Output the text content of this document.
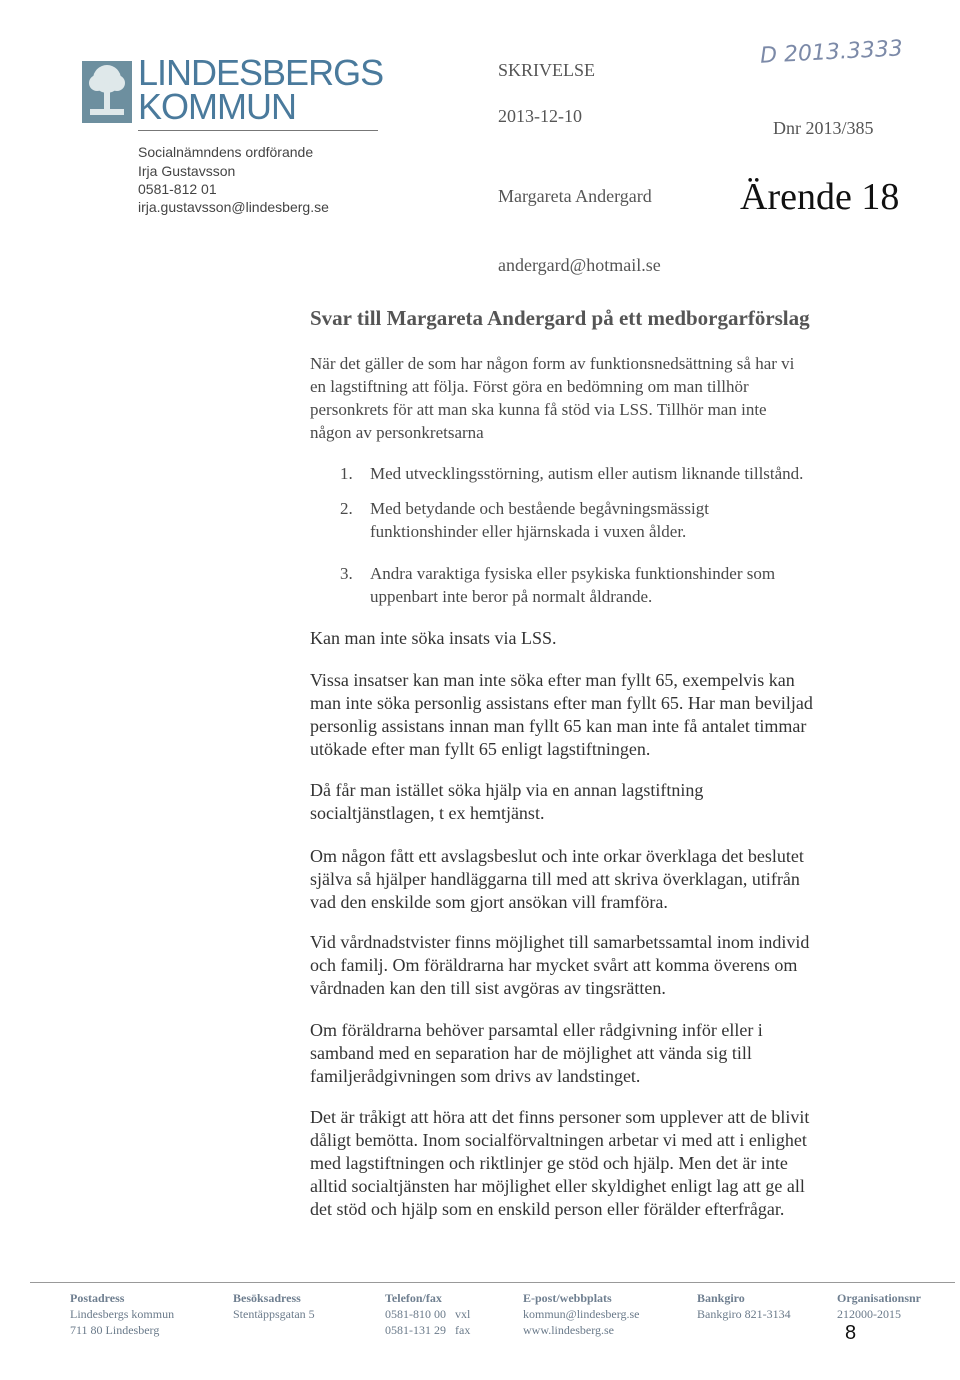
LINDESBERGS
KOMMUN
Socialnämndens ordförande
Irja Gustavsson
0581-812 01
irja.gustavsson@lindesberg.se
SKRIVELSE
2013-12-10
Margareta Andergard
andergard@hotmail.se
D 2013.3333
Dnr 2013/385
Ärende 18
Svar till Margareta Andergard på ett medborgarförslag
När det gäller de som har någon form av funktionsnedsättning så har vi
en lagstiftning att följa. Först göra en bedömning om man tillhör
personkrets för att man ska kunna få stöd via LSS. Tillhör man inte
någon av personkretsarna
1. Med utvecklingsstörning, autism eller autism liknande tillstånd.
2. Med betydande och bestående begåvningsmässigt
funktionshinder eller hjärnskada i vuxen ålder.
3. Andra varaktiga fysiska eller psykiska funktionshinder som
uppenbart inte beror på normalt åldrande.
Kan man inte söka insats via LSS.
Vissa insatser kan man inte söka efter man fyllt 65, exempelvis kan
man inte söka personlig assistans efter man fyllt 65. Har man beviljad
personlig assistans innan man fyllt 65 kan man inte få antalet timmar
utökade efter man fyllt 65 enligt lagstiftningen.
Då får man istället söka hjälp via en annan lagstiftning
socialtjänstlagen, t ex hemtjänst.
Om någon fått ett avslagsbeslut och inte orkar överklaga det beslutet
själva så hjälper handläggarna till med att skriva överklagan, utifrån
vad den enskilde som gjort ansökan vill framföra.
Vid vårdnadstvister finns möjlighet till samarbetssamtal inom individ
och familj. Om föräldrarna har mycket svårt att komma överens om
vårdnaden kan den till sist avgöras av tingsrätten.
Om föräldrarna behöver parsamtal eller rådgivning inför eller i
samband med en separation har de möjlighet att vända sig till
familjerådgivningen som drivs av landstinget.
Det är tråkigt att höra att det finns personer som upplever att de blivit
dåligt bemötta. Inom socialförvaltningen arbetar vi med att i enlighet
med lagstiftningen och riktlinjer ge stöd och hjälp. Men det är inte
alltid socialtjänsten har möjlighet eller skyldighet enligt lag att ge all
det stöd och hjälp som en enskild person eller förälder efterfrågar.
Postadress
Lindesbergs kommun
711 80 Lindesberg
Besöksadress
Stentäppsgatan 5
Telefon/fax
0581-810 00   vxl
0581-131 29   fax
E-post/webbplats
kommun@lindesberg.se
www.lindesberg.se
Bankgiro
Bankgiro 821-3134
Organisationsnr
212000-2015
8
